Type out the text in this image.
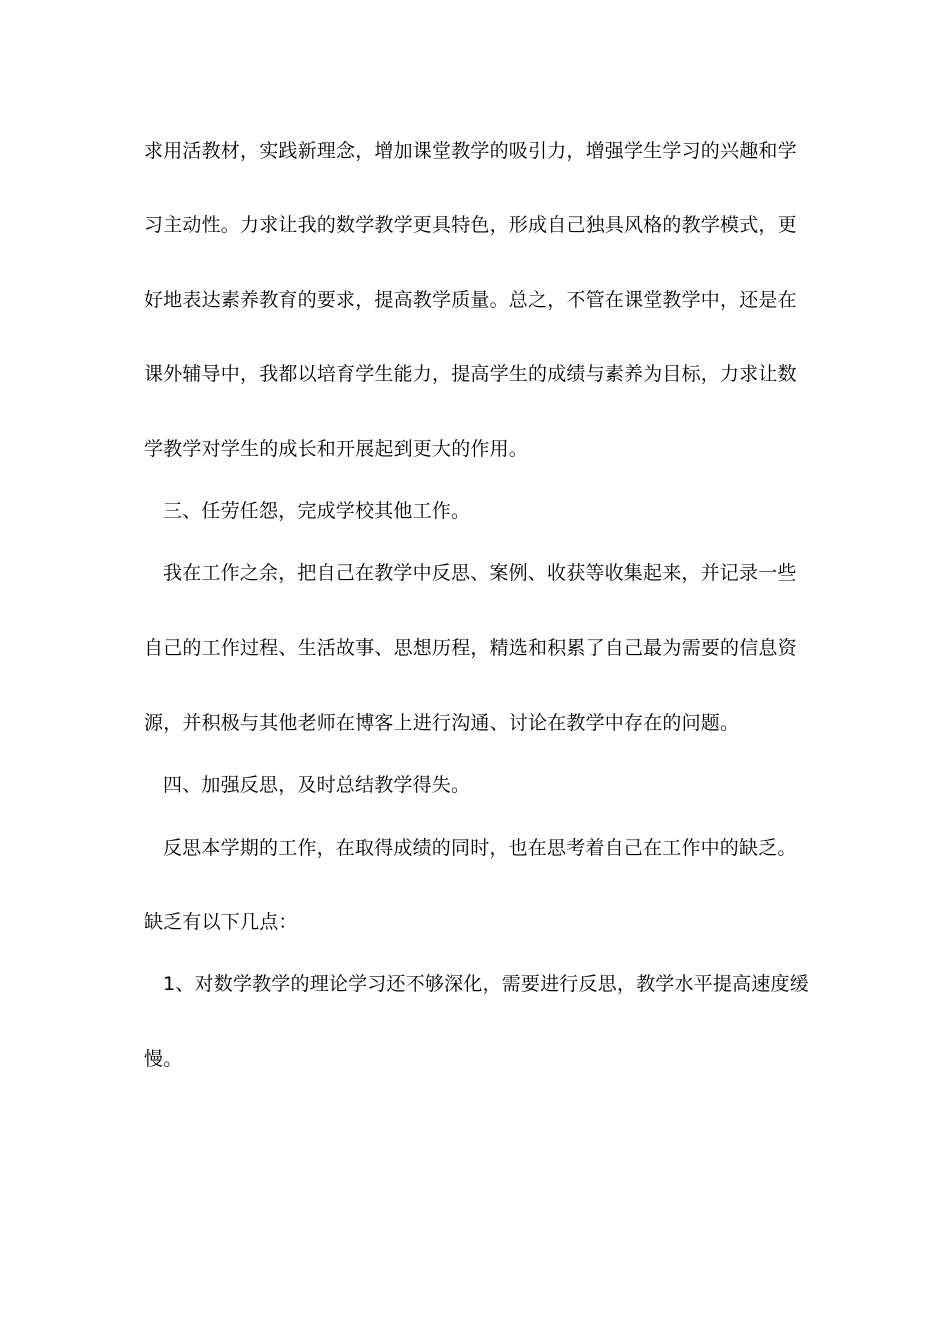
求用活教材，实践新理念，增加课堂教学的吸引力，增强学生学习的兴趣和学
习主动性。力求让我的数学教学更具特色，形成自己独具风格的教学模式，更
好地表达素养教育的要求，提高教学质量。总之，不管在课堂教学中，还是在
课外辅导中，我都以培育学生能力，提高学生的成绩与素养为目标，力求让数
学教学对学生的成长和开展起到更大的作用。
三、任劳任怨，完成学校其他工作。
我在工作之余，把自己在教学中反思、案例、收获等收集起来，并记录一些
自己的工作过程、生活故事、思想历程，精选和积累了自己最为需要的信息资
源，并积极与其他老师在博客上进行沟通、讨论在教学中存在的问题。
四、加强反思，及时总结教学得失。
反思本学期的工作，在取得成绩的同时，也在思考着自己在工作中的缺乏。
缺乏有以下几点：
1、对数学教学的理论学习还不够深化，需要进行反思，教学水平提高速度缓
慢。
